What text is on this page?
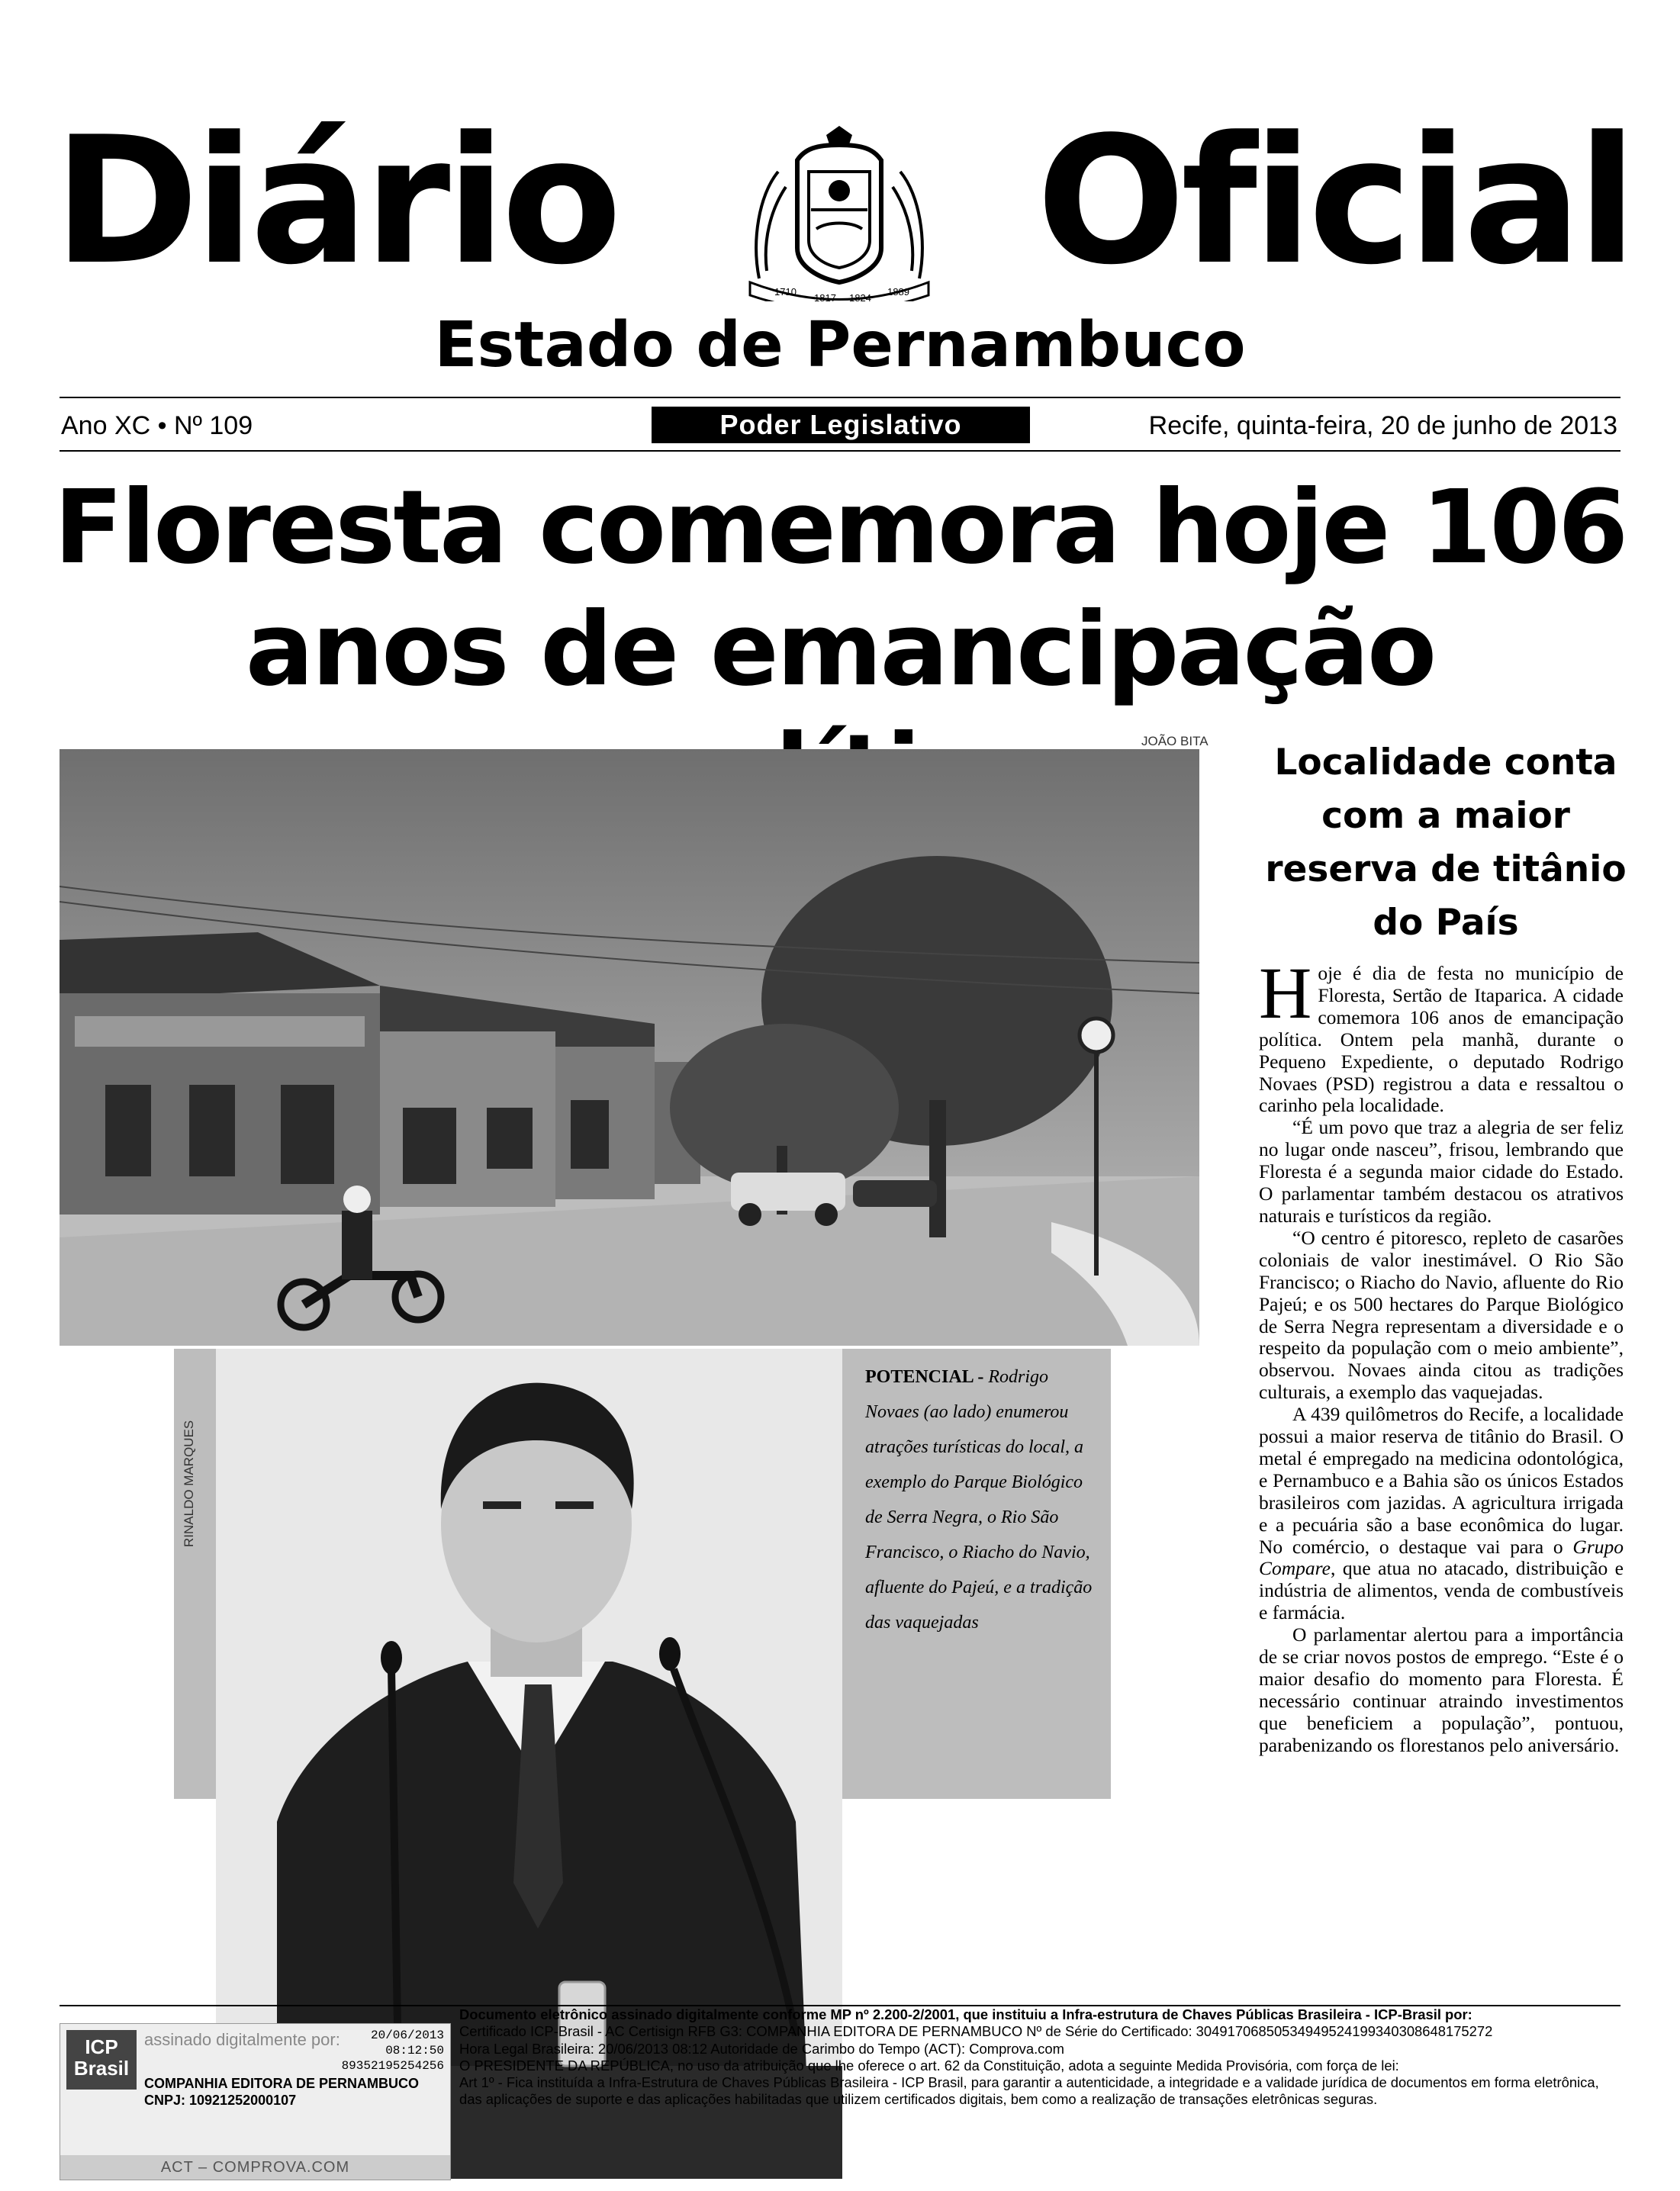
Diário	1710
1817 1824
1889 Oficial
Estado de Pernambuco
Ano XC • Nº 109	Poder Legislativo	Recife, quinta-feira, 20 de junho de 2013
Floresta comemora hoje 106
anos de emancipação
JOÃO BITA
RINALDO MARQUES
POTENCIAL - Rodrigo Novaes (ao lado) enumerou atrações turísticas do local, a exemplo do Parque Biológico de Serra Negra, o Rio São Francisco, o Riacho do Navio, afluente do Pajeú, e a tradição das vaquejadas
Localidade conta com a maior reserva de titânio do País

Hoje é dia de festa no município de Floresta, Sertão de Itaparica. A cidade comemora 106 anos de emancipação política. Ontem pela manhã, durante o Pequeno Expediente, o deputado Rodrigo Novaes (PSD) registrou a data e ressaltou o carinho pela localidade.

“É um povo que traz a alegria de ser feliz no lugar onde nasceu”, frisou, lembrando que Floresta é a segunda maior cidade do Estado. O parlamentar também destacou os atrativos naturais e turísticos da região.

“O centro é pitoresco, repleto de casarões coloniais de valor inestimável. O Rio São Francisco; o Riacho do Navio, afluente do Rio Pajeú; e os 500 hectares do Parque Biológico de Serra Negra representam a diversidade e o respeito da população com o meio ambiente”, observou. Novaes ainda citou as tradições culturais, a exemplo das vaquejadas.

A 439 quilômetros do Recife, a localidade possui a maior reserva de titânio do Brasil. O metal é empregado na medicina odontológica, e Pernambuco e a Bahia são os únicos Estados brasileiros com jazidas. A agricultura irrigada e a pecuária são a base econômica do lugar. No comércio, o destaque vai para o Grupo Compare, que atua no atacado, distribuição e indústria de alimentos, venda de combustíveis e farmácia.

O parlamentar alertou para a importância de se criar novos postos de emprego. “Este é o maior desafio do momento para Floresta. É necessário continuar atraindo investimentos que beneficiem a população”, pontuou, parabenizando os florestanos pelo aniversário.

ICP Brasil
assinado digitalmente por:	20/06/2013
08:12:50
89352195254256
COMPANHIA EDITORA DE PERNAMBUCO
CNPJ: 10921252000107
ACT – COMPROVA.COM
Documento eletrônico assinado digitalmente conforme MP nº 2.200-2/2001, que instituiu a Infra-estrutura de Chaves Públicas Brasileira - ICP-Brasil por:
Certificado ICP-Brasil - AC Certisign RFB G3: COMPANHIA EDITORA DE PERNAMBUCO Nº de Série do Certificado: 3049170685053494952419934030864817527​2
Hora Legal Brasileira: 20/06/2013 08:12 Autoridade de Carimbo do Tempo (ACT): Comprova.com
O PRESIDENTE DA REPÚBLICA, no uso da atribuição que lhe oferece o art. 62 da Constituição, adota a seguinte Medida Provisória, com força de lei:
Art 1º - Fica instituída a Infra-Estrutura de Chaves Públicas Brasileira - ICP Brasil, para garantir a autenticidade, a integridade e a validade jurídica de documentos em forma eletrônica,
das aplicações de suporte e das aplicações habilitadas que utilizem certificados digitais, bem como a realização de transações eletrônicas seguras.
